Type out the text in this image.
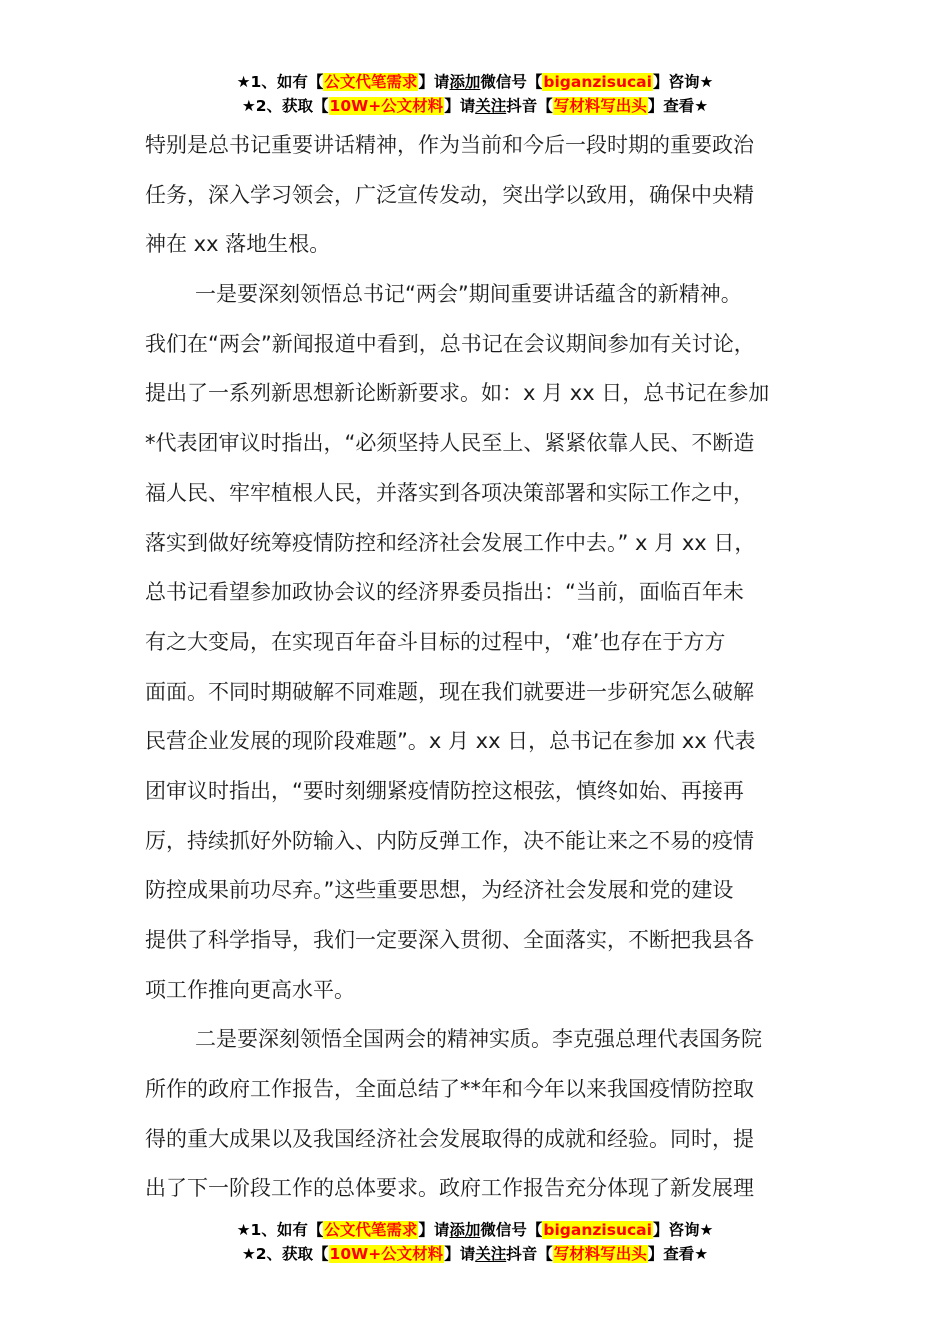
★1、如有【公文代笔需求】请添加微信号【biganzisucai】咨询★
★2、获取【10W+公文材料】请关注抖音【写材料写出头】查看★
特别是总书记重要讲话精神，作为当前和今后一段时期的重要政治
任务，深入学习领会，广泛宣传发动，突出学以致用，确保中央精
神在 xx 落地生根。
一是要深刻领悟总书记“两会”期间重要讲话蕴含的新精神。
我们在“两会”新闻报道中看到，总书记在会议期间参加有关讨论，
提出了一系列新思想新论断新要求。如：x 月 xx 日，总书记在参加
*代表团审议时指出，“必须坚持人民至上、紧紧依靠人民、不断造
福人民、牢牢植根人民，并落实到各项决策部署和实际工作之中，
落实到做好统筹疫情防控和经济社会发展工作中去。” x 月 xx 日，
总书记看望参加政协会议的经济界委员指出：“当前，面临百年未
有之大变局，在实现百年奋斗目标的过程中，‘难’也存在于方方
面面。不同时期破解不同难题，现在我们就要进一步研究怎么破解
民营企业发展的现阶段难题”。x 月 xx 日，总书记在参加 xx 代表
团审议时指出，“要时刻绷紧疫情防控这根弦，慎终如始、再接再
厉，持续抓好外防输入、内防反弹工作，决不能让来之不易的疫情
防控成果前功尽弃。”这些重要思想，为经济社会发展和党的建设
提供了科学指导，我们一定要深入贯彻、全面落实，不断把我县各
项工作推向更高水平。
二是要深刻领悟全国两会的精神实质。李克强总理代表国务院
所作的政府工作报告，全面总结了**年和今年以来我国疫情防控取
得的重大成果以及我国经济社会发展取得的成就和经验。同时，提
出了下一阶段工作的总体要求。政府工作报告充分体现了新发展理
★1、如有【公文代笔需求】请添加微信号【biganzisucai】咨询★
★2、获取【10W+公文材料】请关注抖音【写材料写出头】查看★
